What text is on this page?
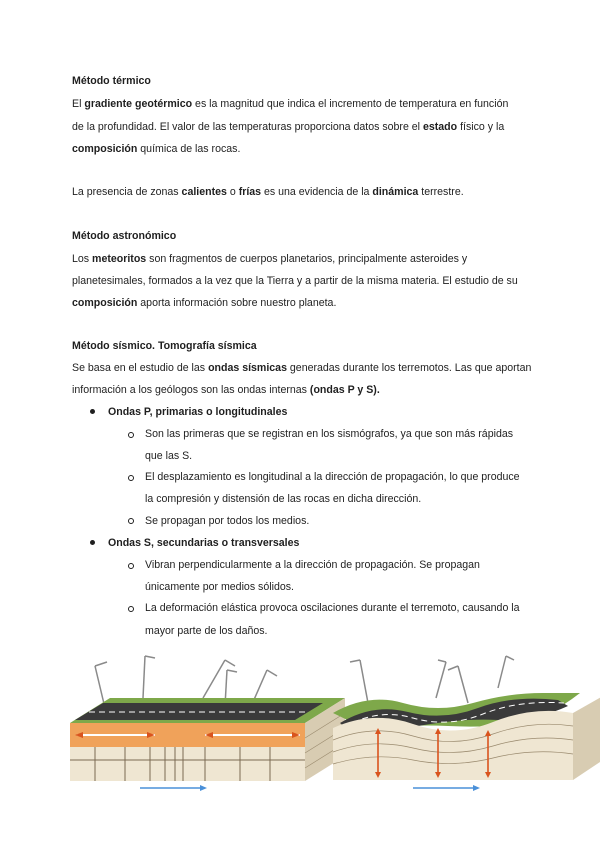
Método térmico
El gradiente geotérmico es la magnitud que indica el incremento de temperatura en función
de la profundidad. El valor de las temperaturas proporciona datos sobre el estado físico y la
composición química de las rocas.
La presencia de zonas calientes o frías es una evidencia de la dinámica terrestre.
Método astronómico
Los meteoritos son fragmentos de cuerpos planetarios, principalmente asteroides y
planetesimales, formados a la vez que la Tierra y a partir de la misma materia. El estudio de su
composición aporta información sobre nuestro planeta.
Método sísmico. Tomografía sísmica
Se basa en el estudio de las ondas sísmicas generadas durante los terremotos. Las que aportan
información a los geólogos son las ondas internas (ondas P y S).
Ondas P, primarias o longitudinales
Son las primeras que se registran en los sismógrafos, ya que son más rápidas
que las S.
El desplazamiento es longitudinal a la dirección de propagación, lo que produce
la compresión y distensión de las rocas en dicha dirección.
Se propagan por todos los medios.
Ondas S, secundarias o transversales
Vibran perpendicularmente a la dirección de propagación. Se propagan
únicamente por medios sólidos.
La deformación elástica provoca oscilaciones durante el terremoto, causando la
mayor parte de los daños.
